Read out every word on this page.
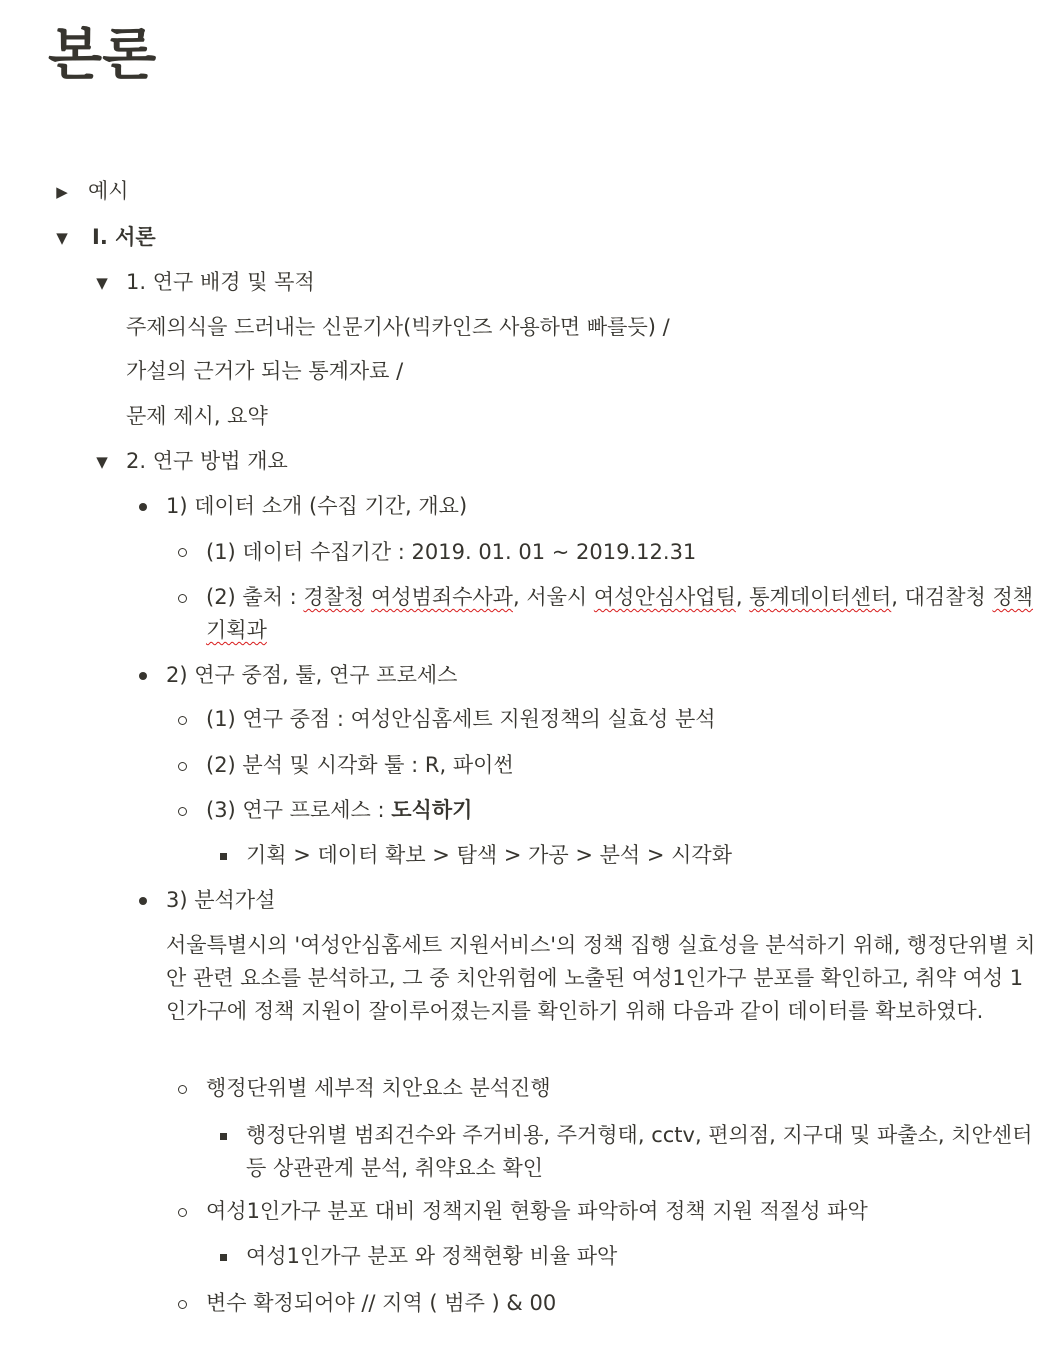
본론
▶ 예시
▼ Ⅰ. 서론
▼ 1. 연구 배경 및 목적
주제의식을 드러내는 신문기사(빅카인즈 사용하면 빠를듯) /
가설의 근거가 되는 통계자료 /
문제 제시, 요약
▼ 2. 연구 방법 개요
1) 데이터 소개 (수집 기간, 개요)
(1) 데이터 수집기간 : 2019. 01. 01 ~ 2019.12.31
(2) 출처 : 경찰청 여성범죄수사과, 서울시 여성안심사업팀, 통계데이터센터, 대검찰청 정책기획과
2) 연구 중점, 툴, 연구 프로세스
(1) 연구 중점 : 여성안심홈세트 지원정책의 실효성 분석
(2) 분석 및 시각화 툴 : R, 파이썬
(3) 연구 프로세스 : 도식하기
기획 > 데이터 확보 > 탐색 > 가공 > 분석 > 시각화
3) 분석가설
서울특별시의 '여성안심홈세트 지원서비스'의 정책 집행 실효성을 분석하기 위해, 행정단위별 치안 관련 요소를 분석하고, 그 중 치안위험에 노출된 여성1인가구 분포를 확인하고, 취약 여성 1인가구에 정책 지원이 잘이루어졌는지를 확인하기 위해 다음과 같이 데이터를 확보하였다.
행정단위별 세부적 치안요소 분석진행
행정단위별 범죄건수와 주거비용, 주거형태, cctv, 편의점, 지구대 및 파출소, 치안센터 등 상관관계 분석, 취약요소 확인
여성1인가구 분포 대비 정책지원 현황을 파악하여 정책 지원 적절성 파악
여성1인가구 분포 와 정책현황 비율 파악
변수 확정되어야 // 지역 ( 범주 ) & 00
